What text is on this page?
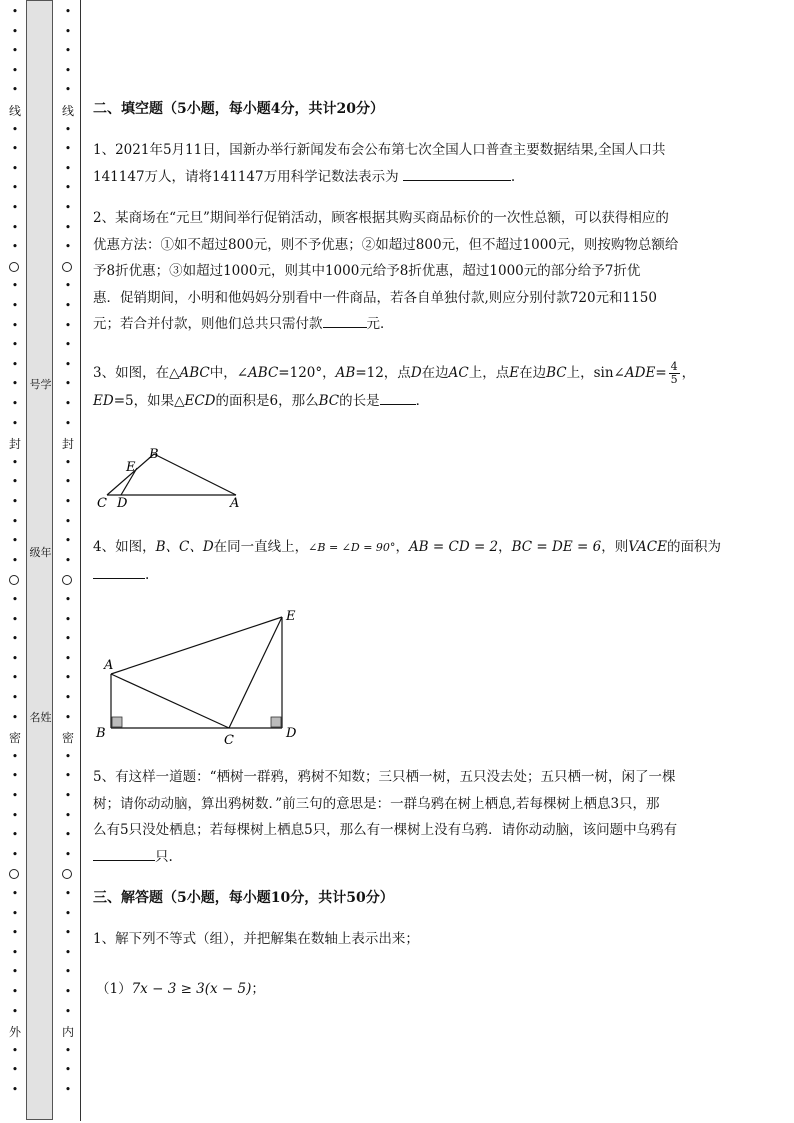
•
•
•
•
•
线
•
•
•
•
•
•
•
•
•
•
•
•
•
•
•
封
•
•
•
•
•
•
•
•
•
•
•
•
•
密
•
•
•
•
•
•
•
•
•
•
•
•
•
外
•
•
•
号学
级年
名姓
•
•
•
•
•
线
•
•
•
•
•
•
•
•
•
•
•
•
•
•
•
封
•
•
•
•
•
•
•
•
•
•
•
•
•
密
•
•
•
•
•
•
•
•
•
•
•
•
•
内
•
•
•
二、填空题（5小题，每小题4分，共计20分）
1、2021年5月11日，国新办举行新闻发布会公布第七次全国人口普查主要数据结果,全国人口共
141147万人，请将141147万用科学记数法表示为	.
2、某商场在“元旦”期间举行促销活动，顾客根据其购买商品标价的一次性总额，可以获得相应的
优惠方法：①如不超过800元，则不予优惠；②如超过800元，但不超过1000元，则按购物总额给
予8折优惠；③如超过1000元，则其中1000元给予8折优惠，超过1000元的部分给予7折优
惠．促销期间，小明和他妈妈分别看中一件商品，若各自单独付款,则应分别付款720元和1150
元；若合并付款，则他们总共只需付款	元．
3、如图，在△ABC中，∠ABC=120°，AB=12，点D在边AC上，点E在边BC上，sin∠ADE= $\frac{4}{5}$ ，
ED=5，如果△ECD的面积是6，那么BC的长是	．
B
E
C D	A
4、如图，B、C、D在同一直线上，∠B = ∠D = 90°，AB = CD = 2，BC = DE = 6，则VACE的面积为
.
A
B	C	D
E
5、有这样一道题：“栖树一群鸦，鸦树不知数；三只栖一树，五只没去处；五只栖一树，闲了一棵
树；请你动动脑，算出鸦树数．”前三句的意思是：一群乌鸦在树上栖息,若每棵树上栖息3只，那
么有5只没处栖息；若每棵树上栖息5只，那么有一棵树上没有乌鸦．请你动动脑，该问题中乌鸦有
只.
三、解答题（5小题，每小题10分，共计50分）
1、解下列不等式（组），并把解集在数轴上表示出来；
（1）7x − 3 ≥ 3(x − 5)；
